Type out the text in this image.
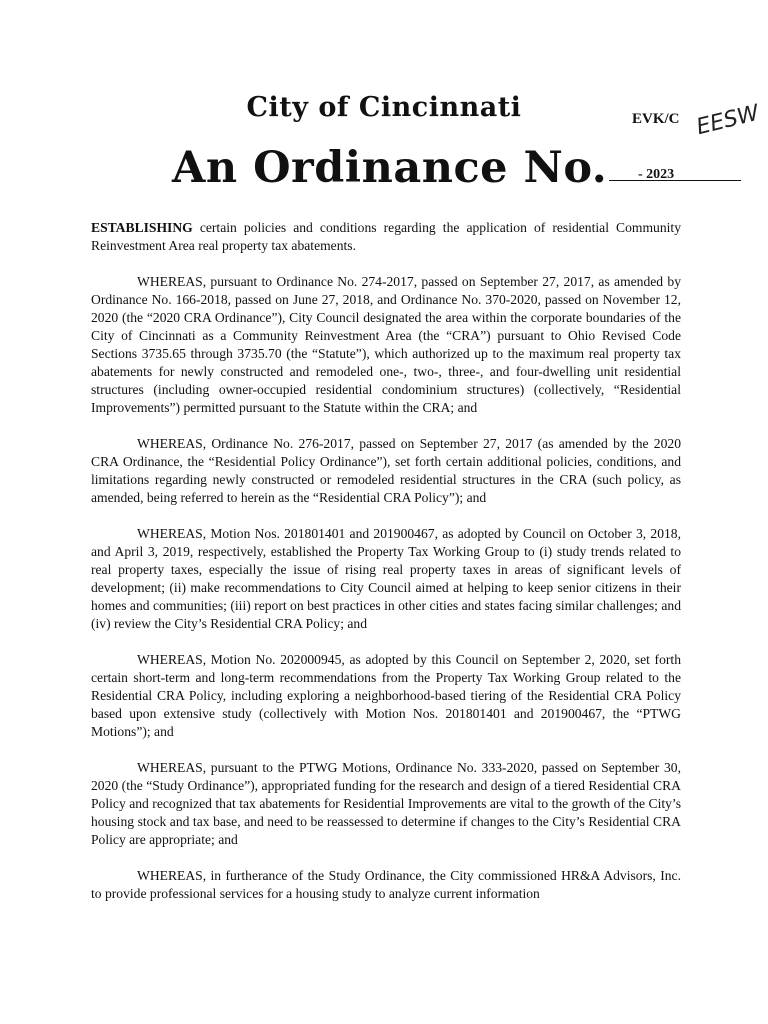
City of Cincinnati	EVK/C EESW
An Ordinance No. - 2023

ESTABLISHING certain policies and conditions regarding the application of residential Community Reinvestment Area real property tax abatements.

WHEREAS, pursuant to Ordinance No. 274-2017, passed on September 27, 2017, as amended by Ordinance No. 166-2018, passed on June 27, 2018, and Ordinance No. 370-2020, passed on November 12, 2020 (the “2020 CRA Ordinance”), City Council designated the area within the corporate boundaries of the City of Cincinnati as a Community Reinvestment Area (the “CRA”) pursuant to Ohio Revised Code Sections 3735.65 through 3735.70 (the “Statute”), which authorized up to the maximum real property tax abatements for newly constructed and remodeled one-, two-, three-, and four-dwelling unit residential structures (including owner-occupied residential condominium structures) (collectively, “Residential Improvements”) permitted pursuant to the Statute within the CRA; and

WHEREAS, Ordinance No. 276-2017, passed on September 27, 2017 (as amended by the 2020 CRA Ordinance, the “Residential Policy Ordinance”), set forth certain additional policies, conditions, and limitations regarding newly constructed or remodeled residential structures in the CRA (such policy, as amended, being referred to herein as the “Residential CRA Policy”); and

WHEREAS, Motion Nos. 201801401 and 201900467, as adopted by Council on October 3, 2018, and April 3, 2019, respectively, established the Property Tax Working Group to (i) study trends related to real property taxes, especially the issue of rising real property taxes in areas of significant levels of development; (ii) make recommendations to City Council aimed at helping to keep senior citizens in their homes and communities; (iii) report on best practices in other cities and states facing similar challenges; and (iv) review the City’s Residential CRA Policy; and

WHEREAS, Motion No. 202000945, as adopted by this Council on September 2, 2020, set forth certain short-term and long-term recommendations from the Property Tax Working Group related to the Residential CRA Policy, including exploring a neighborhood-based tiering of the Residential CRA Policy based upon extensive study (collectively with Motion Nos. 201801401 and 201900467, the “PTWG Motions”); and

WHEREAS, pursuant to the PTWG Motions, Ordinance No. 333-2020, passed on September 30, 2020 (the “Study Ordinance”), appropriated funding for the research and design of a tiered Residential CRA Policy and recognized that tax abatements for Residential Improvements are vital to the growth of the City’s housing stock and tax base, and need to be reassessed to determine if changes to the City’s Residential CRA Policy are appropriate; and

WHEREAS, in furtherance of the Study Ordinance, the City commissioned HR&A Advisors, Inc. to provide professional services for a housing study to analyze current information
